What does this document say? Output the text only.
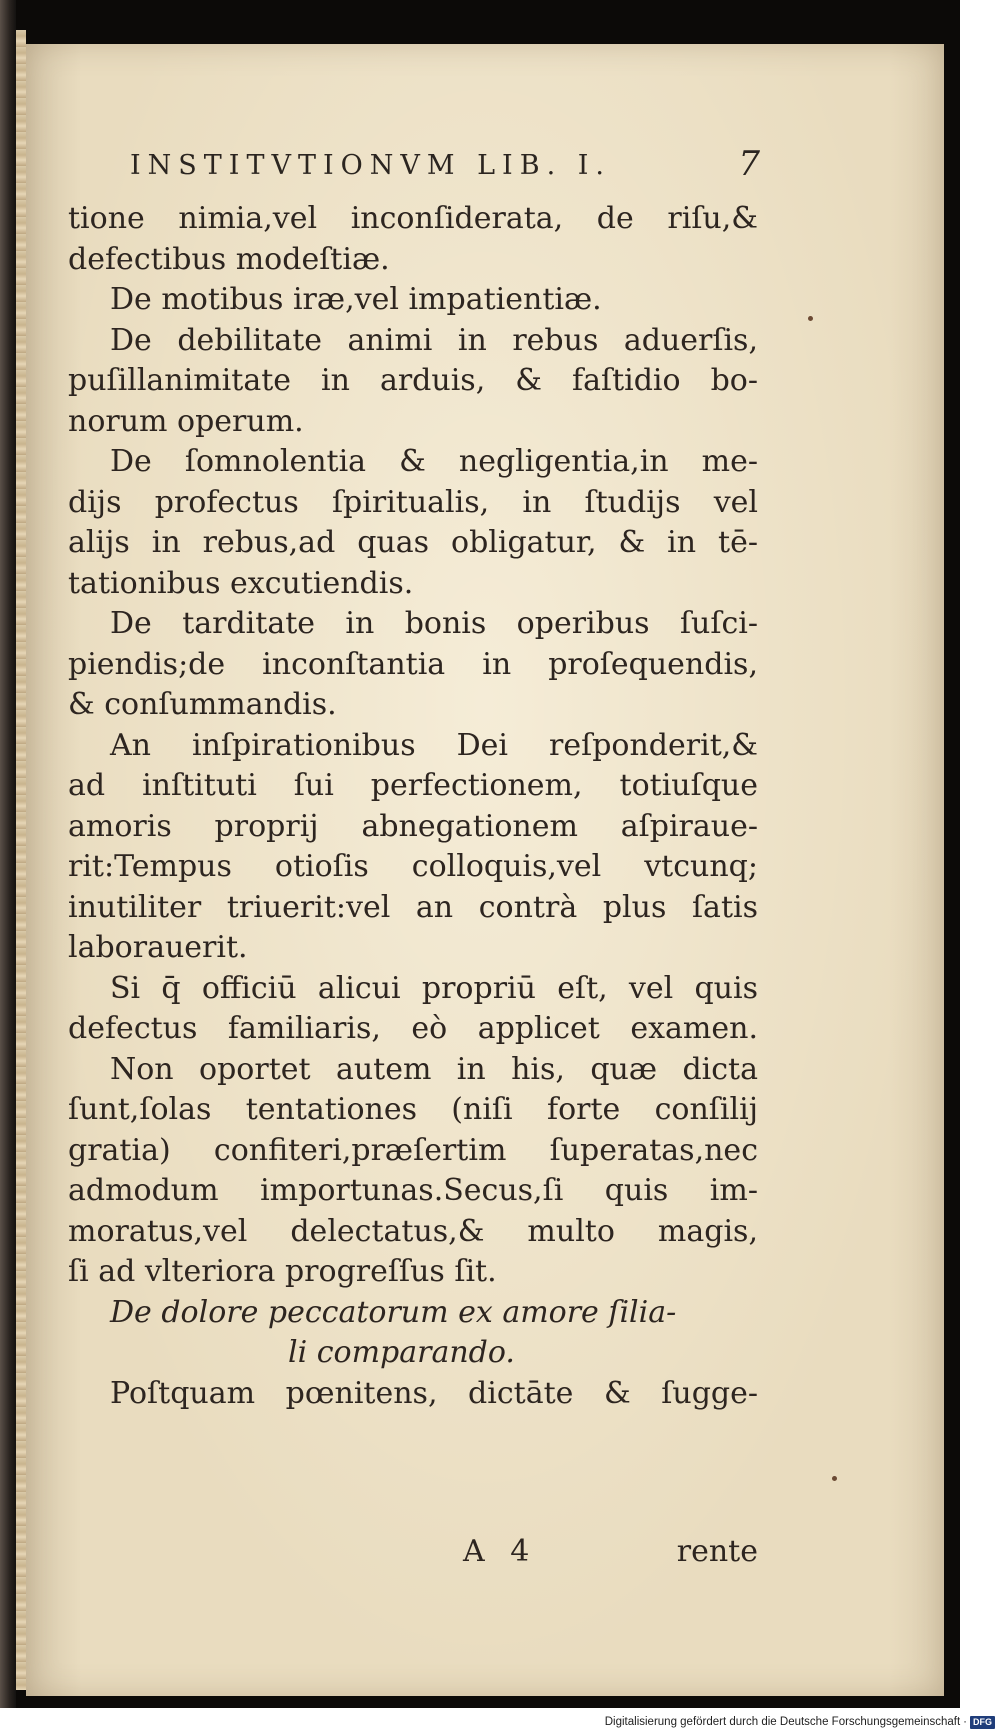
INSTITVTIONVM LIB. I.	7
tione nimia,vel inconſiderata, de riſu,&
defectibus modeſtiæ.
De motibus iræ,vel impatientiæ.
De debilitate animi in rebus aduerſis,
puſillanimitate in arduis, & faſtidio bo-
norum operum.
De ſomnolentia & negligentia,in me-
dijs profectus ſpiritualis, in ſtudijs vel
alijs in rebus,ad quas obligatur, & in tē-
tationibus excutiendis.
De tarditate in bonis operibus ſuſci-
piendis;de inconſtantia in proſequendis,
& conſummandis.
An inſpirationibus Dei reſponderit,&
ad inſtituti ſui perfectionem, totiuſque
amoris proprij abnegationem aſpiraue-
rit:Tempus otioſis colloquis,vel vtcunq;
inutiliter triuerit:vel an contrà plus ſatis
laborauerit.
Si q̄ officiū alicui propriū eſt, vel quis
defectus familiaris, eò applicet examen.
Non oportet autem in his, quæ dicta
ſunt,ſolas tentationes (niſi forte conſilij
gratia) confiteri,præſertim ſuperatas,nec
admodum importunas.Secus,ſi quis im-
moratus,vel delectatus,& multo magis,
ſi ad vlteriora progreſſus ſit.
De dolore peccatorum ex amore ſilia-
li comparando.
Poſtquam pœnitens, dictāte & ſugge-
A 4	rente
Digitalisierung gefördert durch die Deutsche Forschungsgemeinschaft · DFG
